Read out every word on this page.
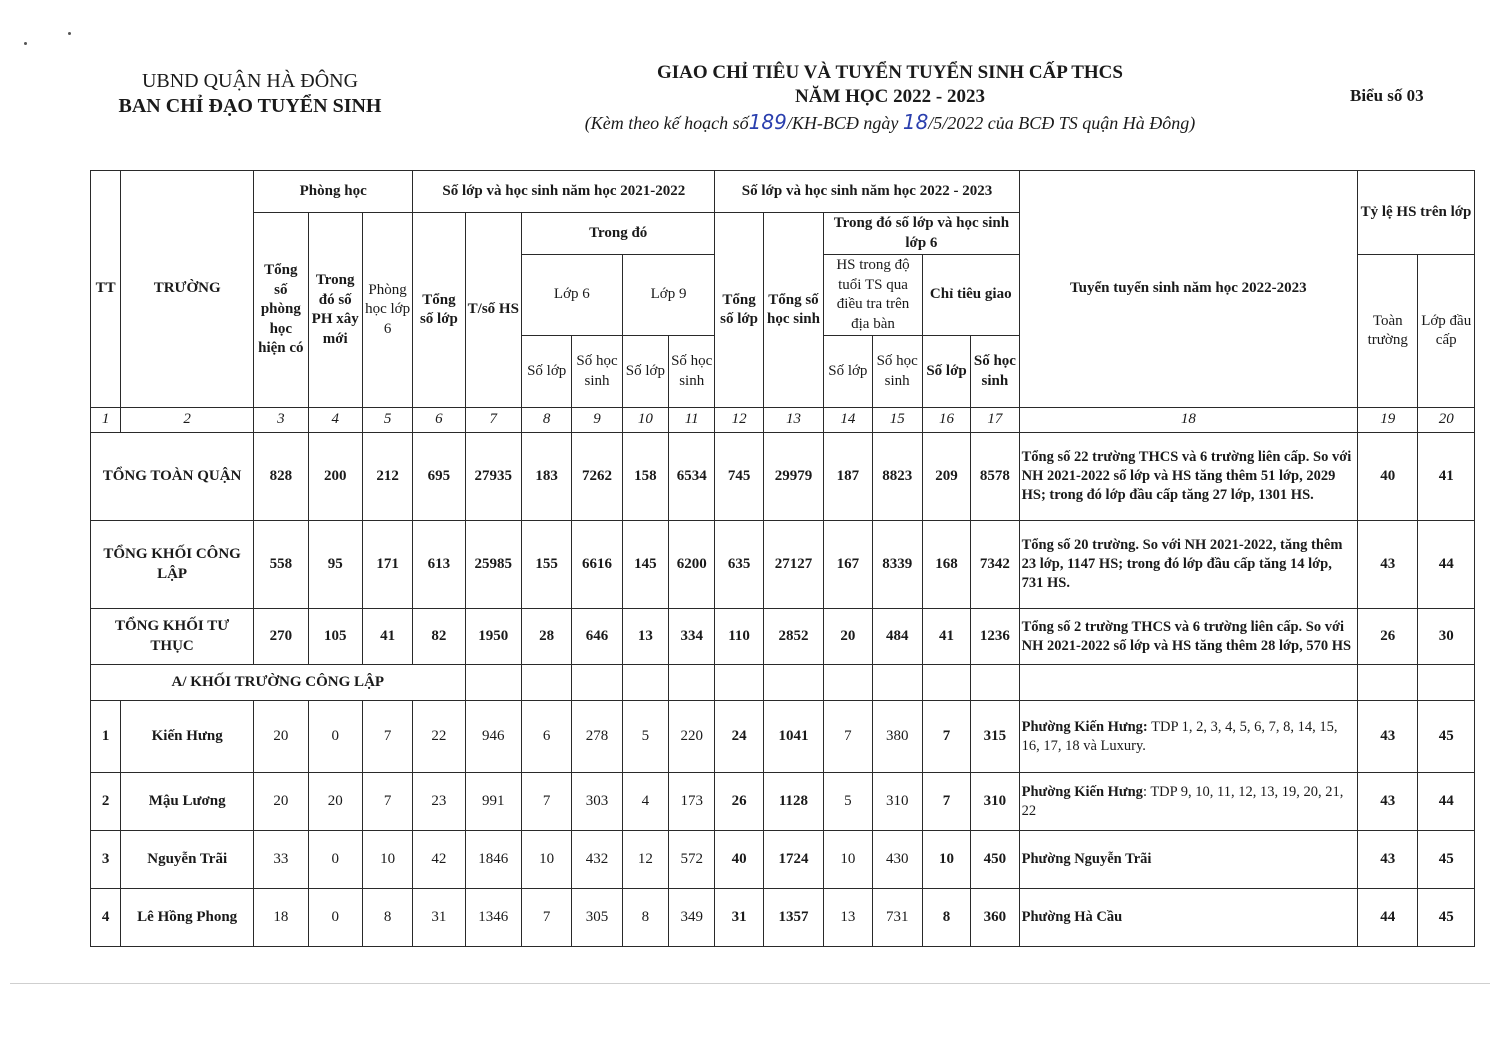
UBND QUẬN HÀ ĐÔNG
BAN CHỈ ĐẠO TUYỂN SINH
GIAO CHỈ TIÊU VÀ TUYỂN TUYỂN SINH CẤP THCS
NĂM HỌC 2022 - 2023
(Kèm theo kế hoạch số189/KH-BCĐ ngày 18/5/2022 của BCĐ TS quận Hà Đông)
Biểu số 03
TT	TRƯỜNG	Phòng học			Số lớp và học sinh năm học 2021-2022						Số lớp và học sinh năm học 2022 - 2023						Tuyển tuyển sinh năm học 2022-2023	Tỷ lệ HS trên lớp	
		Tổng số phòng học hiện có	Trong đó số PH xây mới	Phòng học lớp 6	Tổng số lớp	T/số HS	Trong đó				Tổng số lớp	Tổng số học sinh	Trong đó số lớp và học sinh lớp 6						
							Lớp 6		Lớp 9				HS trong độ tuổi TS qua điều tra trên địa bàn		Chỉ tiêu giao			Toàn trường	Lớp đầu cấp
							Số lớp	Số học sinh	Số lớp	Số học sinh			Số lớp	Số học sinh	Số lớp	Số học sinh			
1	2	3	4	5	6	7	8	9	10	11	12	13	14	15	16	17	18	19	20
TỔNG TOÀN QUẬN		828	200	212	695	27935	183	7262	158	6534	745	29979	187	8823	209	8578	Tổng số 22 trường THCS và 6 trường liên cấp. So với NH 2021-2022 số lớp và HS tăng thêm 51 lớp, 2029 HS; trong đó lớp đầu cấp tăng 27 lớp, 1301 HS.	40	41
TỔNG KHỐI CÔNG LẬP		558	95	171	613	25985	155	6616	145	6200	635	27127	167	8339	168	7342	Tổng số 20 trường. So với NH 2021-2022, tăng thêm 23 lớp, 1147 HS; trong đó lớp đầu cấp tăng 14 lớp, 731 HS.	43	44
TỔNG KHỐI TƯ THỤC		270	105	41	82	1950	28	646	13	334	110	2852	20	484	41	1236	Tổng số 2 trường THCS và 6 trường liên cấp. So với NH 2021-2022 số lớp và HS tăng thêm 28 lớp, 570 HS	26	30
A/ KHỐI TRƯỜNG CÔNG LẬP																			
1	Kiến Hưng	20	0	7	22	946	6	278	5	220	24	1041	7	380	7	315	Phường Kiến Hưng: TDP 1, 2, 3, 4, 5, 6, 7, 8, 14, 15, 16, 17, 18 và Luxury.	43	45
2	Mậu Lương	20	20	7	23	991	7	303	4	173	26	1128	5	310	7	310	Phường Kiến Hưng: TDP 9, 10, 11, 12, 13, 19, 20, 21, 22	43	44
3	Nguyễn Trãi	33	0	10	42	1846	10	432	12	572	40	1724	10	430	10	450	Phường Nguyễn Trãi	43	45
4	Lê Hồng Phong	18	0	8	31	1346	7	305	8	349	31	1357	13	731	8	360	Phường Hà Cầu	44	45
